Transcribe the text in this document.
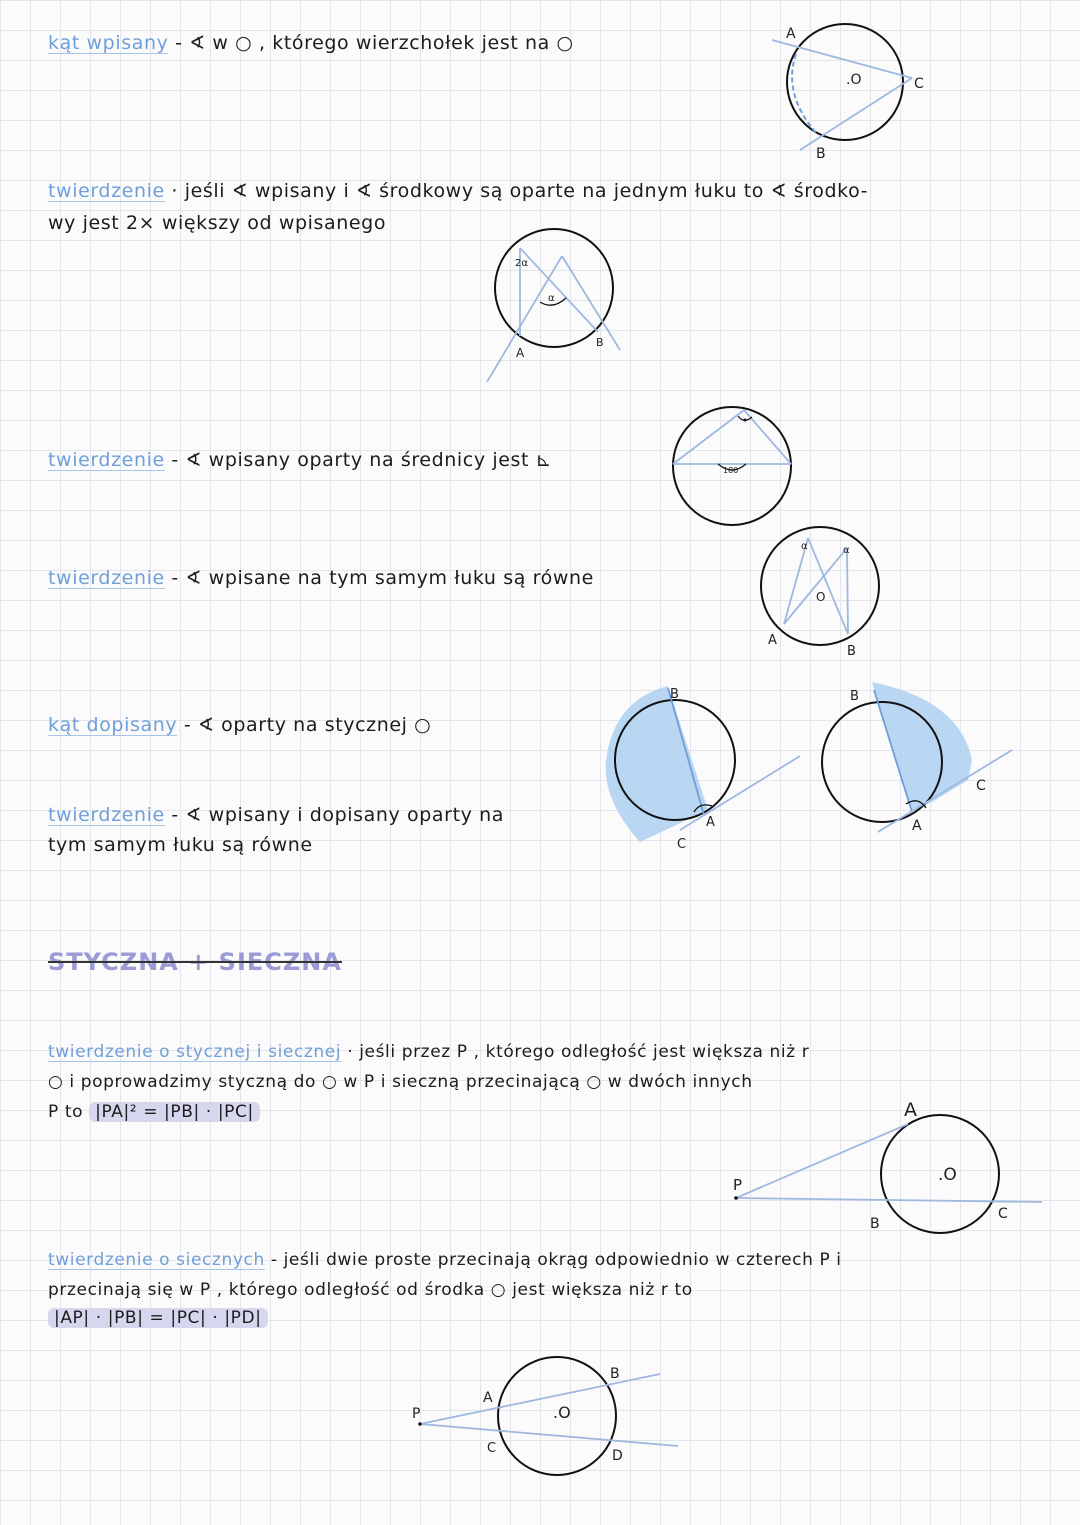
kąt wpisany - ∢ w ○ , którego wierzchołek jest na ○
twierdzenie · jeśli ∢ wpisany i ∢ środkowy są oparte na jednym łuku to ∢ środko-
wy jest 2× większy od wpisanego
twierdzenie - ∢ wpisany oparty na średnicy jest ⊾
twierdzenie - ∢ wpisane na tym samym łuku są równe
kąt dopisany - ∢ oparty na stycznej ○
twierdzenie - ∢ wpisany i dopisany oparty na
tym samym łuku są równe
STYCZNA + SIECZNA
twierdzenie o stycznej i siecznej · jeśli przez P , którego odległość jest większa niż r
○ i poprowadzimy styczną do ○ w P i sieczną przecinającą ○ w dwóch innych
P to |PA|² = |PB| · |PC|
twierdzenie o siecznych - jeśli dwie proste przecinają okrąg odpowiednio w czterech P i
przecinają się w P , którego odległość od środka ○ jest większa niż r to
|AP| · |PB| = |PC| · |PD|
A
B
C
.O
2α
α
A
B
180
α	α
O
A
B
B
A
C
B
A
C
A
.O
P
B
C
P
A
C
B
D
.O
